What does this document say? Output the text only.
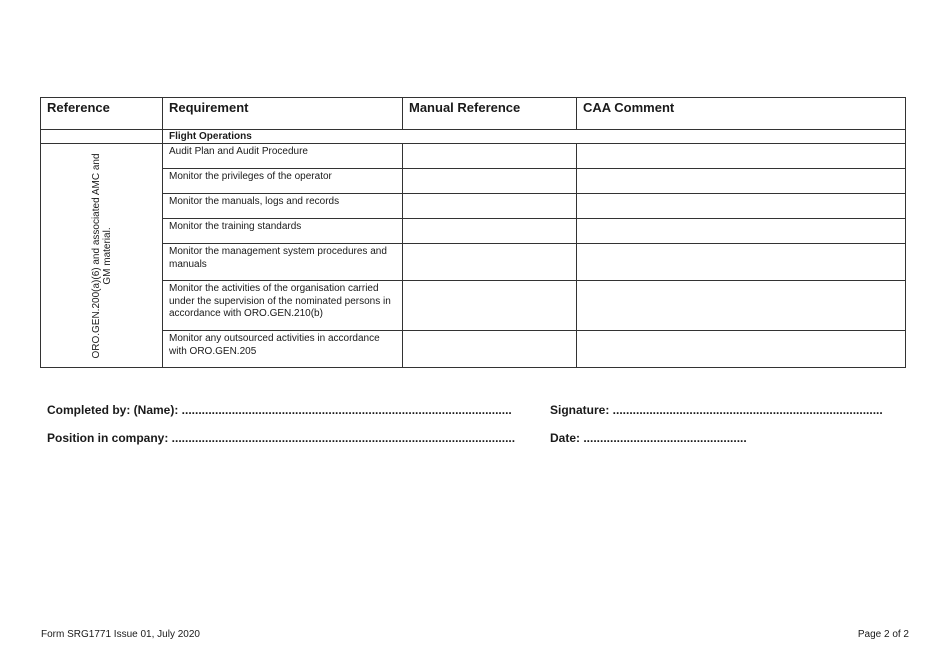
Reference	Requirement	Manual Reference	CAA Comment
	Flight Operations		

ORO.GEN.200(a)(6) and associated AMC and GM material.	Audit Plan and Audit Procedure		
	Monitor the privileges of the operator		
	Monitor the manuals, logs and records		
	Monitor the training standards		
	Monitor the management system procedures and manuals		
	Monitor the activities of the organisation carried under the supervision of the nominated persons in accordance with ORO.GEN.210(b)		
	Monitor any outsourced activities in accordance with ORO.GEN.205		
Completed by: (Name): ...................................................................................................	Signature: .................................................................................
Position in company: .......................................................................................................	Date: .................................................
Form SRG1771 Issue 01, July 2020	Page 2 of 2
